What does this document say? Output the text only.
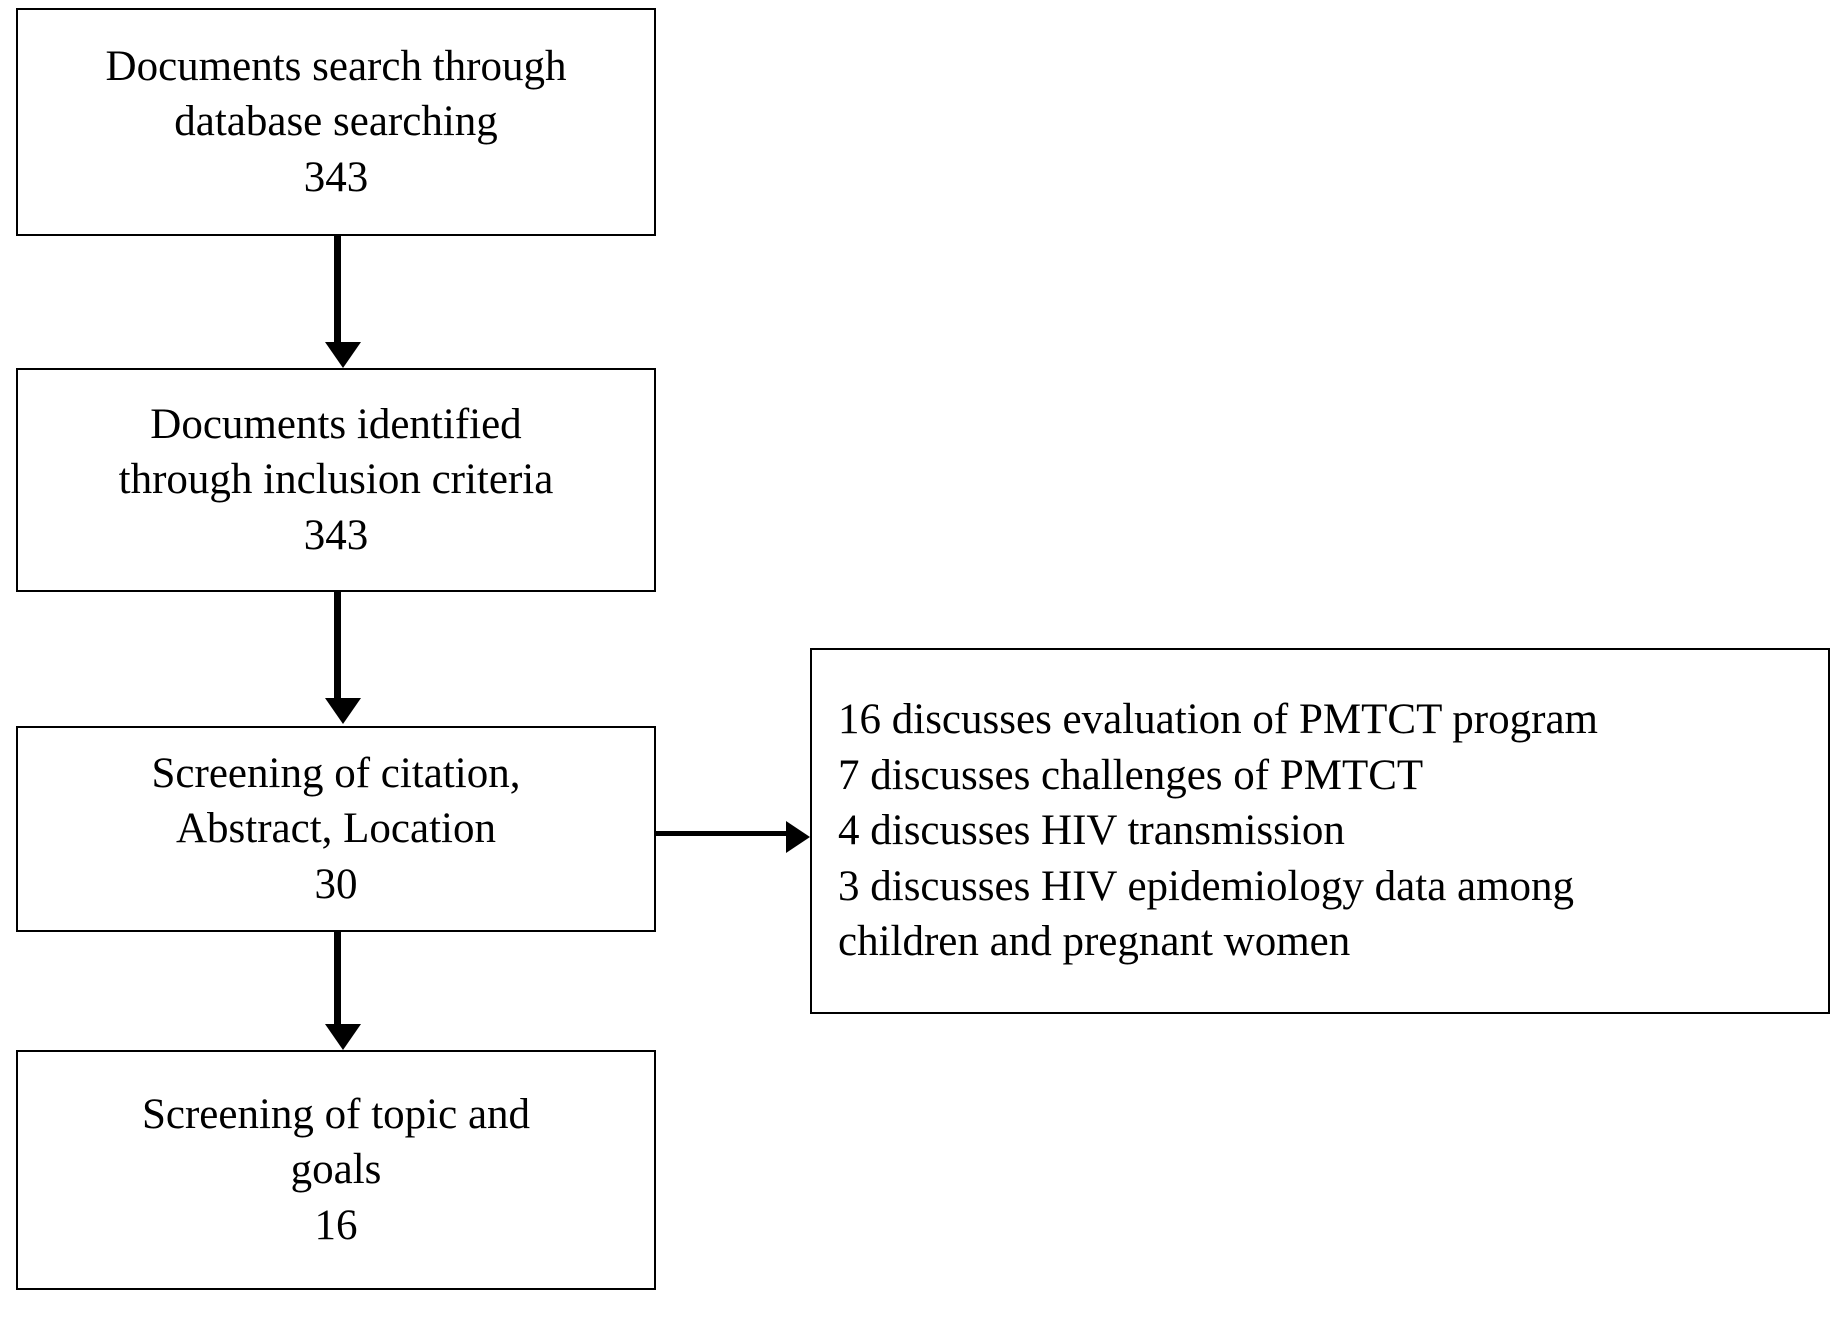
Documents search through
database searching
343
Documents identified
through inclusion criteria
343
Screening of citation,
Abstract, Location
30
Screening of topic and
goals
16
16 discusses evaluation of PMTCT program
7 discusses challenges of PMTCT
4 discusses HIV transmission
3 discusses HIV epidemiology data among
children and pregnant women
